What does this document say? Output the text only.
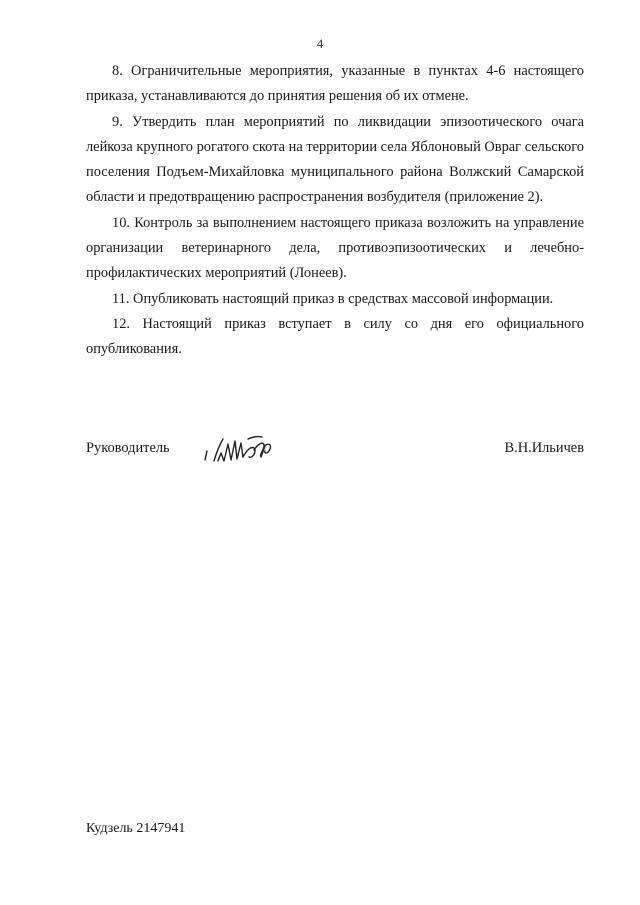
4

8. Ограничительные мероприятия, указанные в пунктах 4-6 настоящего приказа, устанавливаются до принятия решения об их отмене.

9. Утвердить план мероприятий по ликвидации эпизоотического очага лейкоза крупного рогатого скота на территории села Яблоновый Овраг сельского поселения Подъем-Михайловка муниципального района Волжский Самарской области и предотвращению распространения возбудителя (приложение 2).

10. Контроль за выполнением настоящего приказа возложить на управление организации ветеринарного дела, противоэпизоотических и лечебно-профилактических мероприятий (Лонеев).

11. Опубликовать настоящий приказ в средствах массовой информации.

12. Настоящий приказ вступает в силу со дня его официального опубликования.

Руководитель	В.Н.Ильичев
Кудзель 2147941
